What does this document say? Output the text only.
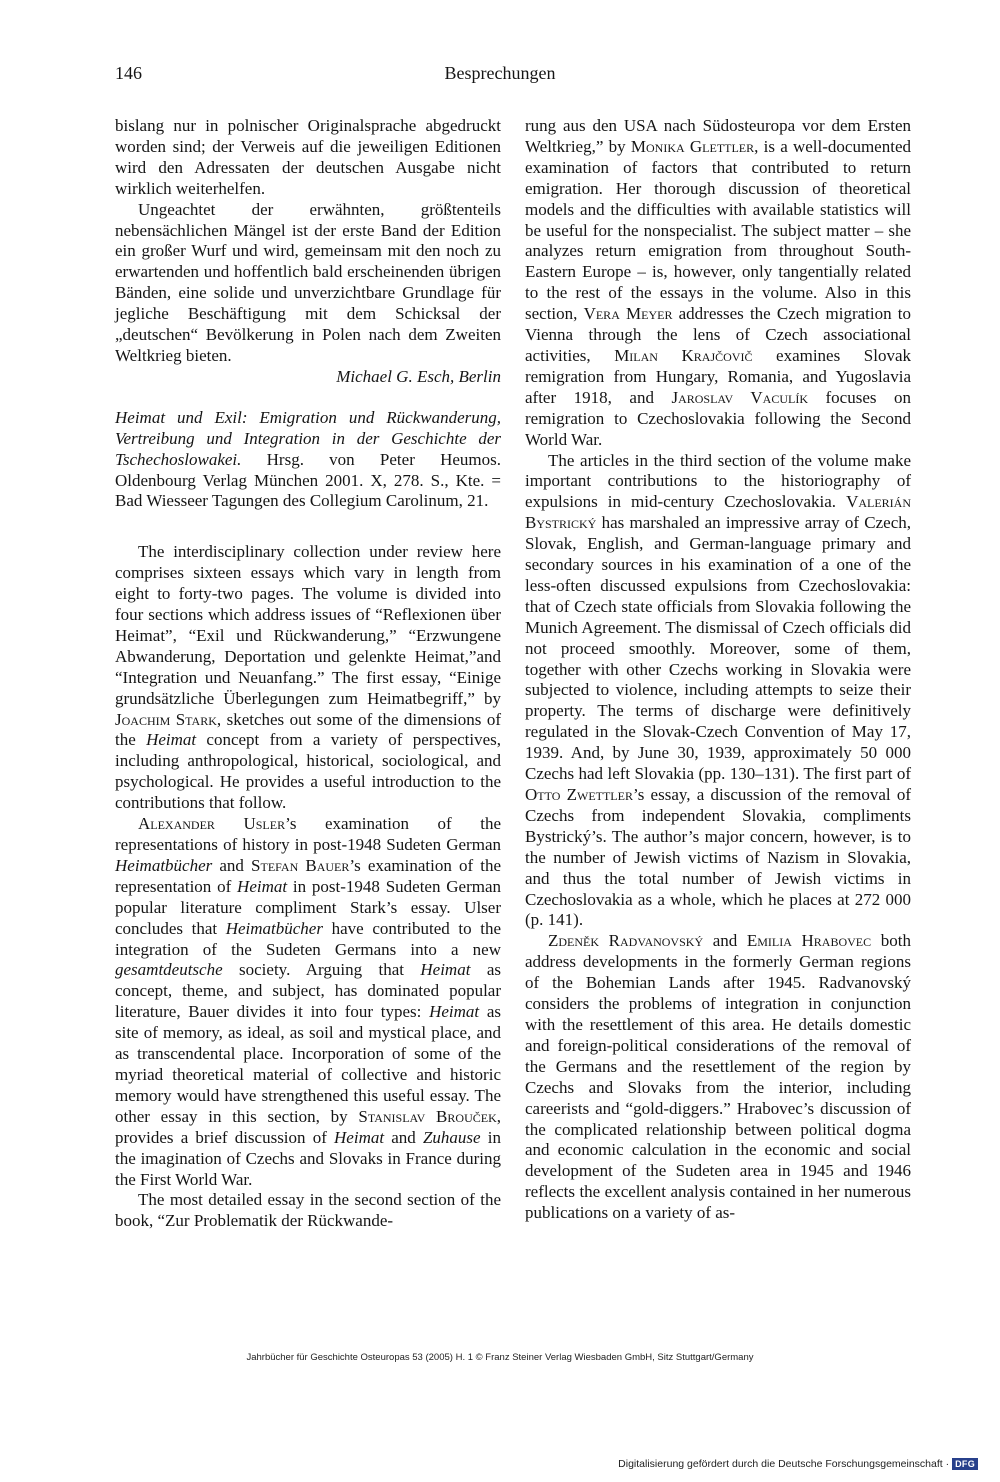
146	Besprechungen

bislang nur in polnischer Originalsprache abgedruckt worden sind; der Verweis auf die jeweiligen Editionen wird den Adressaten der deutschen Ausgabe nicht wirklich weiterhelfen.

Ungeachtet der erwähnten, größtenteils nebensächlichen Mängel ist der erste Band der Edition ein großer Wurf und wird, gemeinsam mit den noch zu erwartenden und hoffentlich bald erscheinenden übrigen Bänden, eine solide und unverzichtbare Grundlage für jegliche Beschäftigung mit dem Schicksal der „deutschen“ Bevölkerung in Polen nach dem Zweiten Weltkrieg bieten.

Michael G. Esch, Berlin

Heimat und Exil: Emigration und Rückwanderung, Vertreibung und Integration in der Geschichte der Tschechoslowakei. Hrsg. von Peter Heumos. Oldenbourg Verlag München 2001. X, 278. S., Kte. = Bad Wiesseer Tagungen des Collegium Carolinum, 21.

The interdisciplinary collection under review here comprises sixteen essays which vary in length from eight to forty-two pages. The volume is divided into four sections which address issues of “Reflexionen über Heimat”, “Exil und Rückwanderung,” “Erzwungene Abwanderung, Deportation und gelenkte Heimat,”and “Integration und Neuanfang.” The first essay, “Einige grundsätzliche Überlegungen zum Heimatbegriff,” by Joachim Stark, sketches out some of the dimensions of the Heimat concept from a variety of perspectives, including anthropological, historical, sociological, and psychological. He provides a useful introduction to the contributions that follow.

Alexander Usler’s examination of the representations of history in post-1948 Sudeten German Heimatbücher and Stefan Bauer’s examination of the representation of Heimat in post-1948 Sudeten German popular literature compliment Stark’s essay. Ulser concludes that Heimatbücher have contributed to the integration of the Sudeten Germans into a new gesamtdeutsche society. Arguing that Heimat as concept, theme, and subject, has dominated popular literature, Bauer divides it into four types: Heimat as site of memory, as ideal, as soil and mystical place, and as transcendental place. Incorporation of some of the myriad theoretical material of collective and historic memory would have strengthened this useful essay. The other essay in this section, by Stanislav Brouček, provides a brief discussion of Heimat and Zuhause in the imagination of Czechs and Slovaks in France during the First World War.

The most detailed essay in the second section of the book, “Zur Problematik der Rückwande-

rung aus den USA nach Südosteuropa vor dem Ersten Weltkrieg,” by Monika Glettler, is a well-documented examination of factors that contributed to return emigration. Her thorough discussion of theoretical models and the difficulties with available statistics will be useful for the nonspecialist. The subject matter – she analyzes return emigration from throughout South-Eastern Europe – is, however, only tangentially related to the rest of the essays in the volume. Also in this section, Vera Meyer addresses the Czech migration to Vienna through the lens of Czech associational activities, Milan Krajčovič examines Slovak remigration from Hungary, Romania, and Yugoslavia after 1918, and Jaroslav Vaculík focuses on remigration to Czechoslovakia following the Second World War.

The articles in the third section of the volume make important contributions to the historiography of expulsions in mid-century Czechoslovakia. Valerián Bystrický has marshaled an impressive array of Czech, Slovak, English, and German-language primary and secondary sources in his examination of a one of the less-often discussed expulsions from Czechoslovakia: that of Czech state officials from Slovakia following the Munich Agreement. The dismissal of Czech officials did not proceed smoothly. Moreover, some of them, together with other Czechs working in Slovakia were subjected to violence, including attempts to seize their property. The terms of discharge were definitively regulated in the Slovak-Czech Convention of May 17, 1939. And, by June 30, 1939, approximately 50 000 Czechs had left Slovakia (pp. 130–131). The first part of Otto Zwettler’s essay, a discussion of the removal of Czechs from independent Slovakia, compliments Bystrický’s. The author’s major concern, however, is to the number of Jewish victims of Nazism in Slovakia, and thus the total number of Jewish victims in Czechoslovakia as a whole, which he places at 272 000 (p. 141).

Zdeněk Radvanovský and Emilia Hrabovec both address developments in the formerly German regions of the Bohemian Lands after 1945. Radvanovský considers the problems of integration in conjunction with the resettlement of this area. He details domestic and foreign-political considerations of the removal of the Germans and the resettlement of the region by Czechs and Slovaks from the interior, including careerists and “gold-diggers.” Hrabovec’s discussion of the complicated relationship between political dogma and economic calculation in the economic and social development of the Sudeten area in 1945 and 1946 reflects the excellent analysis contained in her numerous publications on a variety of as-

Jahrbücher für Geschichte Osteuropas 53 (2005) H. 1 © Franz Steiner Verlag Wiesbaden GmbH, Sitz Stuttgart/Germany
Digitalisierung gefördert durch die Deutsche Forschungsgemeinschaft · DFG
